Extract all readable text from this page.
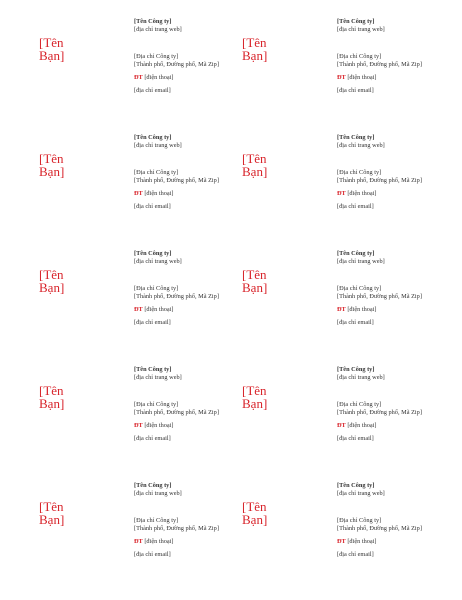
[Tên
Bạn]
[Tên Công ty]
[địa chỉ trang web]
[Địa chỉ Công ty]
[Thành phố, Đường phố, Mã Zip]
ĐT [điện thoại]
[địa chỉ email]
[Tên
Bạn]
[Tên Công ty]
[địa chỉ trang web]
[Địa chỉ Công ty]
[Thành phố, Đường phố, Mã Zip]
ĐT [điện thoại]
[địa chỉ email]
[Tên
Bạn]
[Tên Công ty]
[địa chỉ trang web]
[Địa chỉ Công ty]
[Thành phố, Đường phố, Mã Zip]
ĐT [điện thoại]
[địa chỉ email]
[Tên
Bạn]
[Tên Công ty]
[địa chỉ trang web]
[Địa chỉ Công ty]
[Thành phố, Đường phố, Mã Zip]
ĐT [điện thoại]
[địa chỉ email]
[Tên
Bạn]
[Tên Công ty]
[địa chỉ trang web]
[Địa chỉ Công ty]
[Thành phố, Đường phố, Mã Zip]
ĐT [điện thoại]
[địa chỉ email]
[Tên
Bạn]
[Tên Công ty]
[địa chỉ trang web]
[Địa chỉ Công ty]
[Thành phố, Đường phố, Mã Zip]
ĐT [điện thoại]
[địa chỉ email]
[Tên
Bạn]
[Tên Công ty]
[địa chỉ trang web]
[Địa chỉ Công ty]
[Thành phố, Đường phố, Mã Zip]
ĐT [điện thoại]
[địa chỉ email]
[Tên
Bạn]
[Tên Công ty]
[địa chỉ trang web]
[Địa chỉ Công ty]
[Thành phố, Đường phố, Mã Zip]
ĐT [điện thoại]
[địa chỉ email]
[Tên
Bạn]
[Tên Công ty]
[địa chỉ trang web]
[Địa chỉ Công ty]
[Thành phố, Đường phố, Mã Zip]
ĐT [điện thoại]
[địa chỉ email]
[Tên
Bạn]
[Tên Công ty]
[địa chỉ trang web]
[Địa chỉ Công ty]
[Thành phố, Đường phố, Mã Zip]
ĐT [điện thoại]
[địa chỉ email]
